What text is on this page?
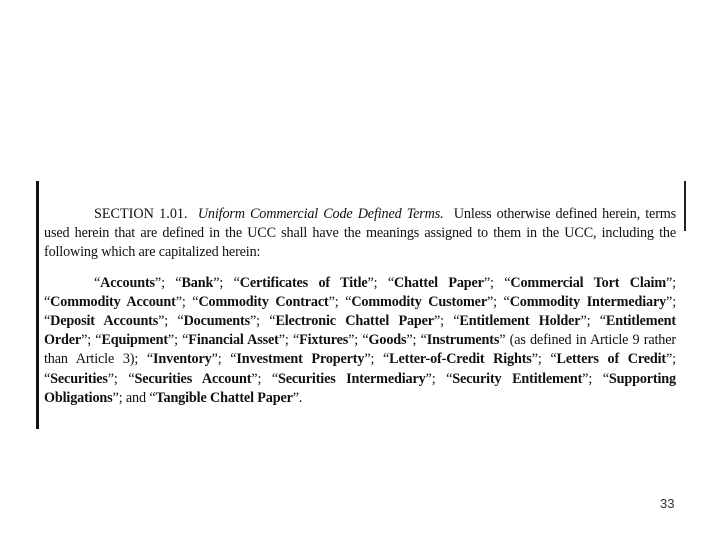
SECTION 1.01. Uniform Commercial Code Defined Terms. Unless otherwise defined herein, terms used herein that are defined in the UCC shall have the meanings assigned to them in the UCC, including the following which are capitalized herein:

“Accounts”; “Bank”; “Certificates of Title”; “Chattel Paper”; “Commercial Tort Claim”; “Commodity Account”; “Commodity Contract”; “Commodity Customer”; “Commodity Intermediary”; “Deposit Accounts”; “Documents”; “Electronic Chattel Paper”; “Entitlement Holder”; “Entitlement Order”; “Equipment”; “Financial Asset”; “Fixtures”; “Goods”; “Instruments” (as defined in Article 9 rather than Article 3); “Inventory”; “Investment Property”; “Letter-of-Credit Rights”; “Letters of Credit”; “Securities”; “Securities Account”; “Securities Intermediary”; “Security Entitlement”; “Supporting Obligations”; and “Tangible Chattel Paper”.

33
